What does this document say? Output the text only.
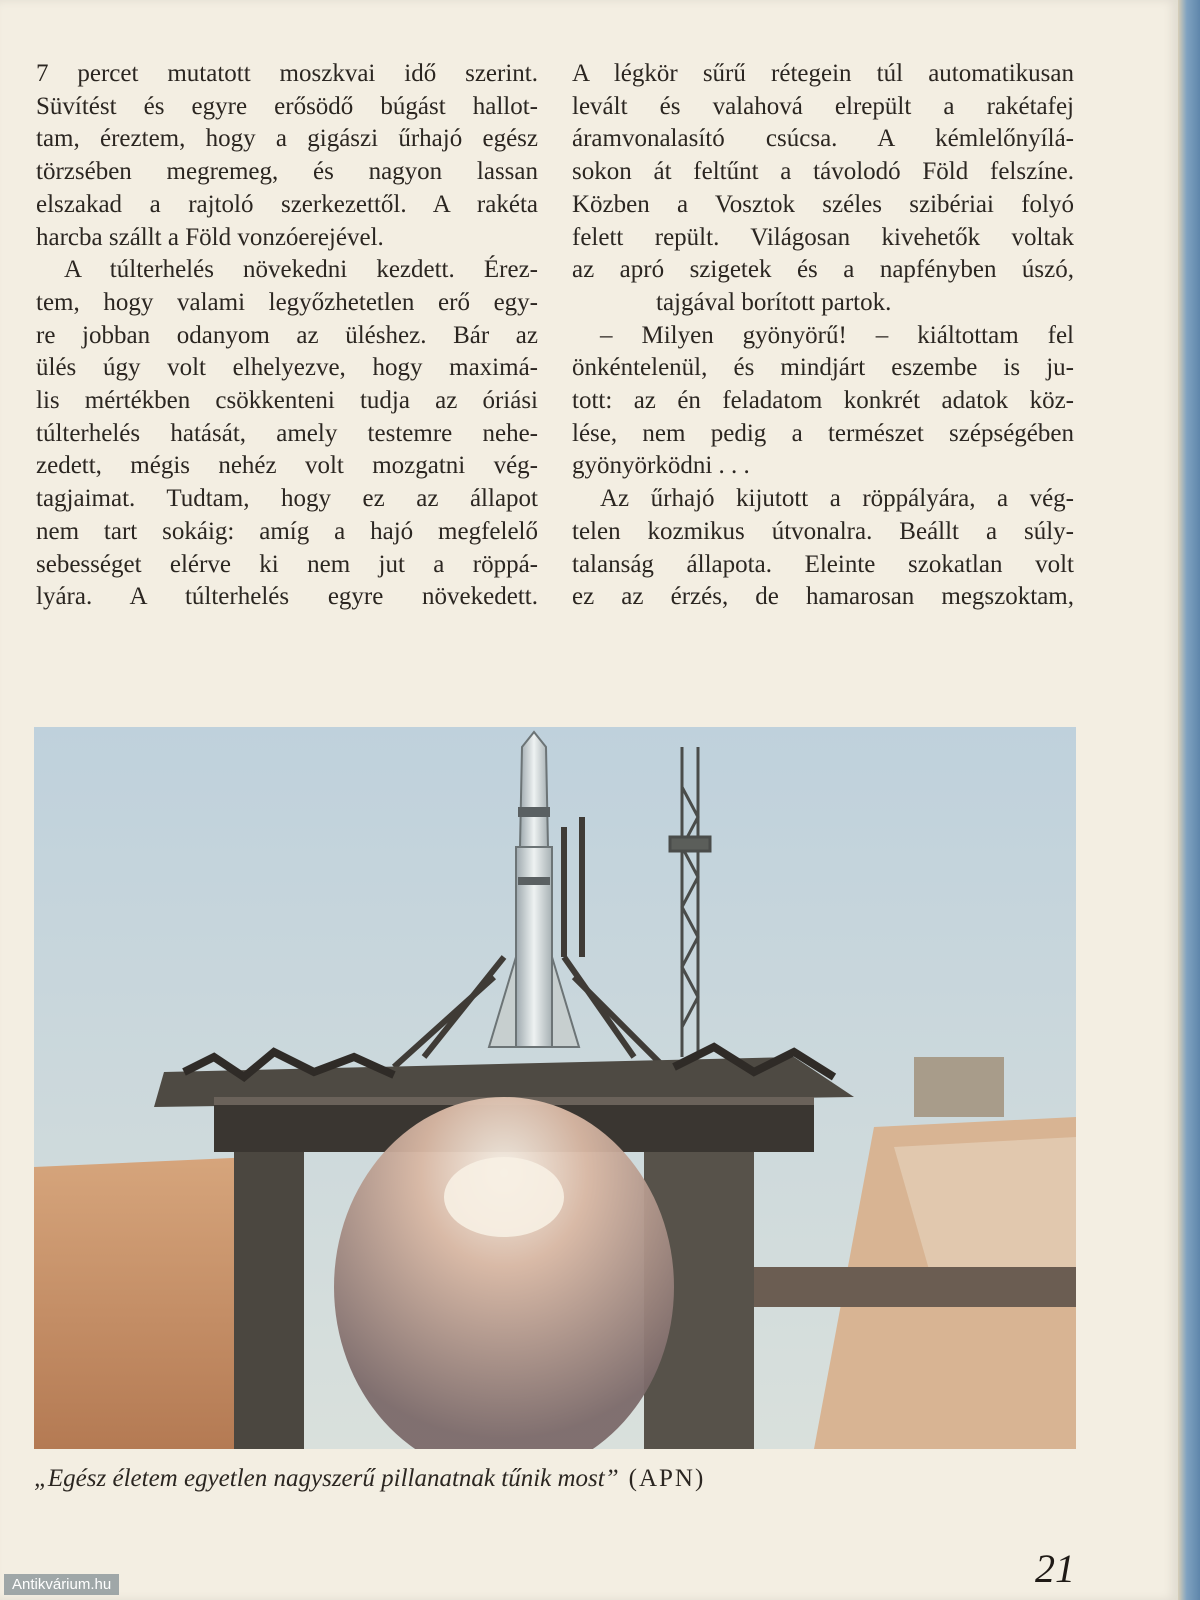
7 percet mutatott moszkvai idő szerint.
Süvítést és egyre erősödő búgást hallot-
tam, éreztem, hogy a gigászi űrhajó egész
törzsében megremeg, és nagyon lassan
elszakad a rajtoló szerkezettől. A rakéta
harcba szállt a Föld vonzóerejével.

A túlterhelés növekedni kezdett. Érez-
tem, hogy valami legyőzhetetlen erő egy-
re jobban odanyom az üléshez. Bár az
ülés úgy volt elhelyezve, hogy maximá-
lis mértékben csökkenteni tudja az óriási
túlterhelés hatását, amely testemre nehe-
zedett, mégis nehéz volt mozgatni vég-
tagjaimat. Tudtam, hogy ez az állapot
nem tart sokáig: amíg a hajó megfelelő
sebességet elérve ki nem jut a röppá-
lyára. A túlterhelés egyre növekedett.

A légkör sűrű rétegein túl automatikusan
levált és valahová elrepült a rakétafej
áramvonalasító csúcsa. A kémlelőnyílá-
sokon át feltűnt a távolodó Föld felszíne.
Közben a Vosztok széles szibériai folyó
felett repült. Világosan kivehetők voltak
az apró szigetek és a napfényben úszó,
tajgával borított partok.

– Milyen gyönyörű! – kiáltottam fel
önkéntelenül, és mindjárt eszembe is ju-
tott: az én feladatom konkrét adatok köz-
lése, nem pedig a természet szépségében
gyönyörködni . . .

Az űrhajó kijutott a röppályára, a vég-
telen kozmikus útvonalra. Beállt a súly-
talanság állapota. Eleinte szokatlan volt
ez az érzés, de hamarosan megszoktam,

„Egész életem egyetlen nagyszerű pillanatnak tűnik most” (APN)
21
Antikvárium.hu
